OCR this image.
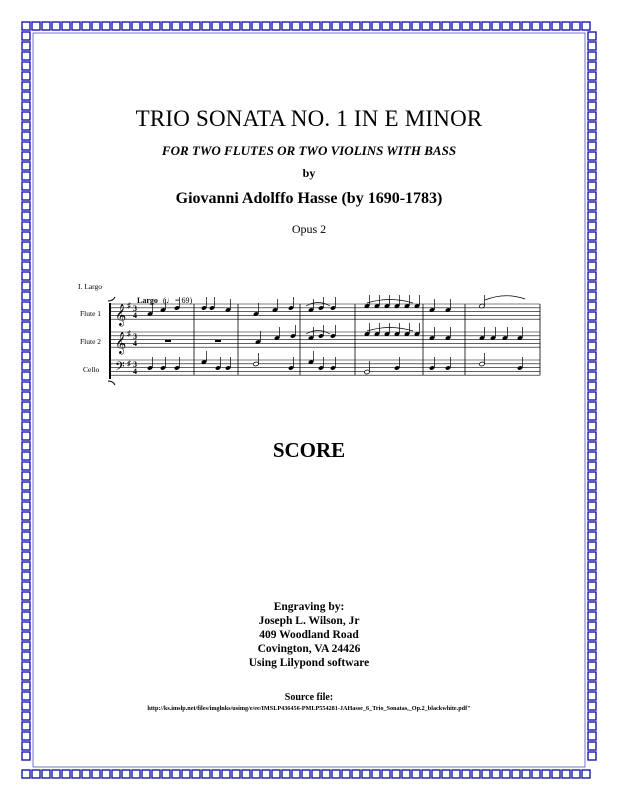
TRIO SONATA NO. 1 IN E MINOR
FOR TWO FLUTES OR TWO VIOLINS WITH BASS
by
Giovanni Adolffo Hasse (by 1690-1783)
Opus 2
I. Largo
Largo ( ♩ = 69)
Flute 1
Flute 2
Cello
𝄞
𝄞
𝄢
♯
♯
♯
3
4
3
4
3
4
SCORE
Engraving by:
Joseph L. Wilson, Jr
409 Woodland Road
Covington, VA 24426
Using Lilypond software
Source file:
http://ks.imslp.net/files/imglnks/usimg/e/ee/IMSLP436456-PMLP554281-JAHasse_6_Trio_Sonatas,_Op.2_blackwhite.pdf"
